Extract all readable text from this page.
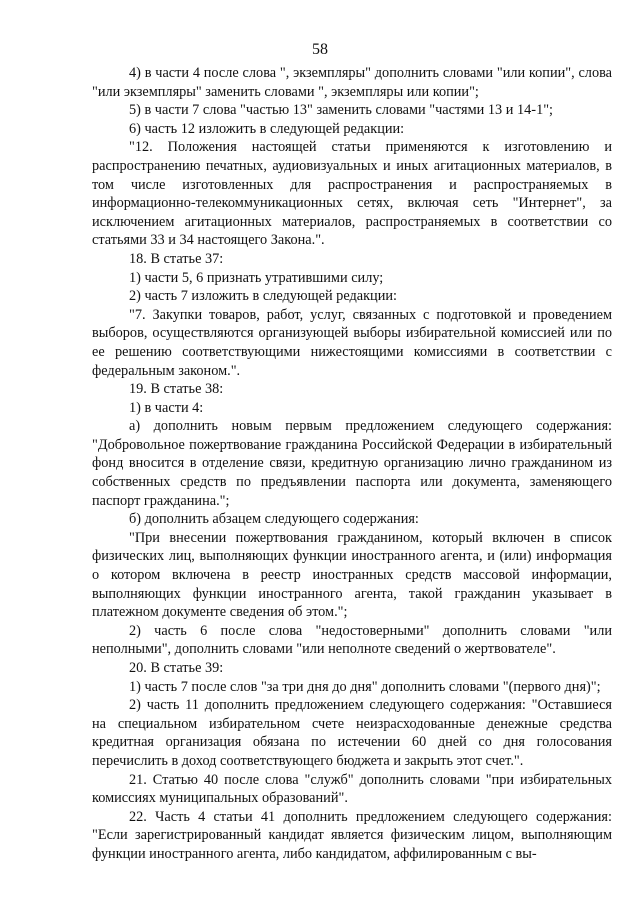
58

4) в части 4 после слова ", экземпляры" дополнить словами "или копии", слова "или экземпляры" заменить словами ", экземпляры или копии";

5) в части 7 слова "частью 13" заменить словами "частями 13 и 14-1";

6) часть 12 изложить в следующей редакции:

"12. Положения настоящей статьи применяются к изготовлению и распространению печатных, аудиовизуальных и иных агитационных материалов, в том числе изготовленных для распространения и распространяемых в информационно-телекоммуникационных сетях, включая сеть "Интернет", за исключением агитационных материалов, распространяемых в соответствии со статьями 33 и 34 настоящего Закона.".

18. В статье 37:

1) части 5, 6 признать утратившими силу;

2) часть 7 изложить в следующей редакции:

"7. Закупки товаров, работ, услуг, связанных с подготовкой и проведением выборов, осуществляются организующей выборы избирательной комиссией или по ее решению соответствующими нижестоящими комиссиями в соответствии с федеральным законом.".

19. В статье 38:

1) в части 4:

а) дополнить новым первым предложением следующего содержания: "Добровольное пожертвование гражданина Российской Федерации в избирательный фонд вносится в отделение связи, кредитную организацию лично гражданином из собственных средств по предъявлении паспорта или документа, заменяющего паспорт гражданина.";

б) дополнить абзацем следующего содержания:

"При внесении пожертвования гражданином, который включен в список физических лиц, выполняющих функции иностранного агента, и (или) информация о котором включена в реестр иностранных средств массовой информации, выполняющих функции иностранного агента, такой гражданин указывает в платежном документе сведения об этом.";

2) часть 6 после слова "недостоверными" дополнить словами "или неполными", дополнить словами "или неполноте сведений о жертвователе".

20. В статье 39:

1) часть 7 после слов "за три дня до дня" дополнить словами "(первого дня)";

2) часть 11 дополнить предложением следующего содержания: "Оставшиеся на специальном избирательном счете неизрасходованные денежные средства кредитная организация обязана по истечении 60 дней со дня голосования перечислить в доход соответствующего бюджета и закрыть этот счет.".

21. Статью 40 после слова "служб" дополнить словами "при избирательных комиссиях муниципальных образований".

22. Часть 4 статьи 41 дополнить предложением следующего содержания: "Если зарегистрированный кандидат является физическим лицом, выполняющим функции иностранного агента, либо кандидатом, аффилированным с вы-
